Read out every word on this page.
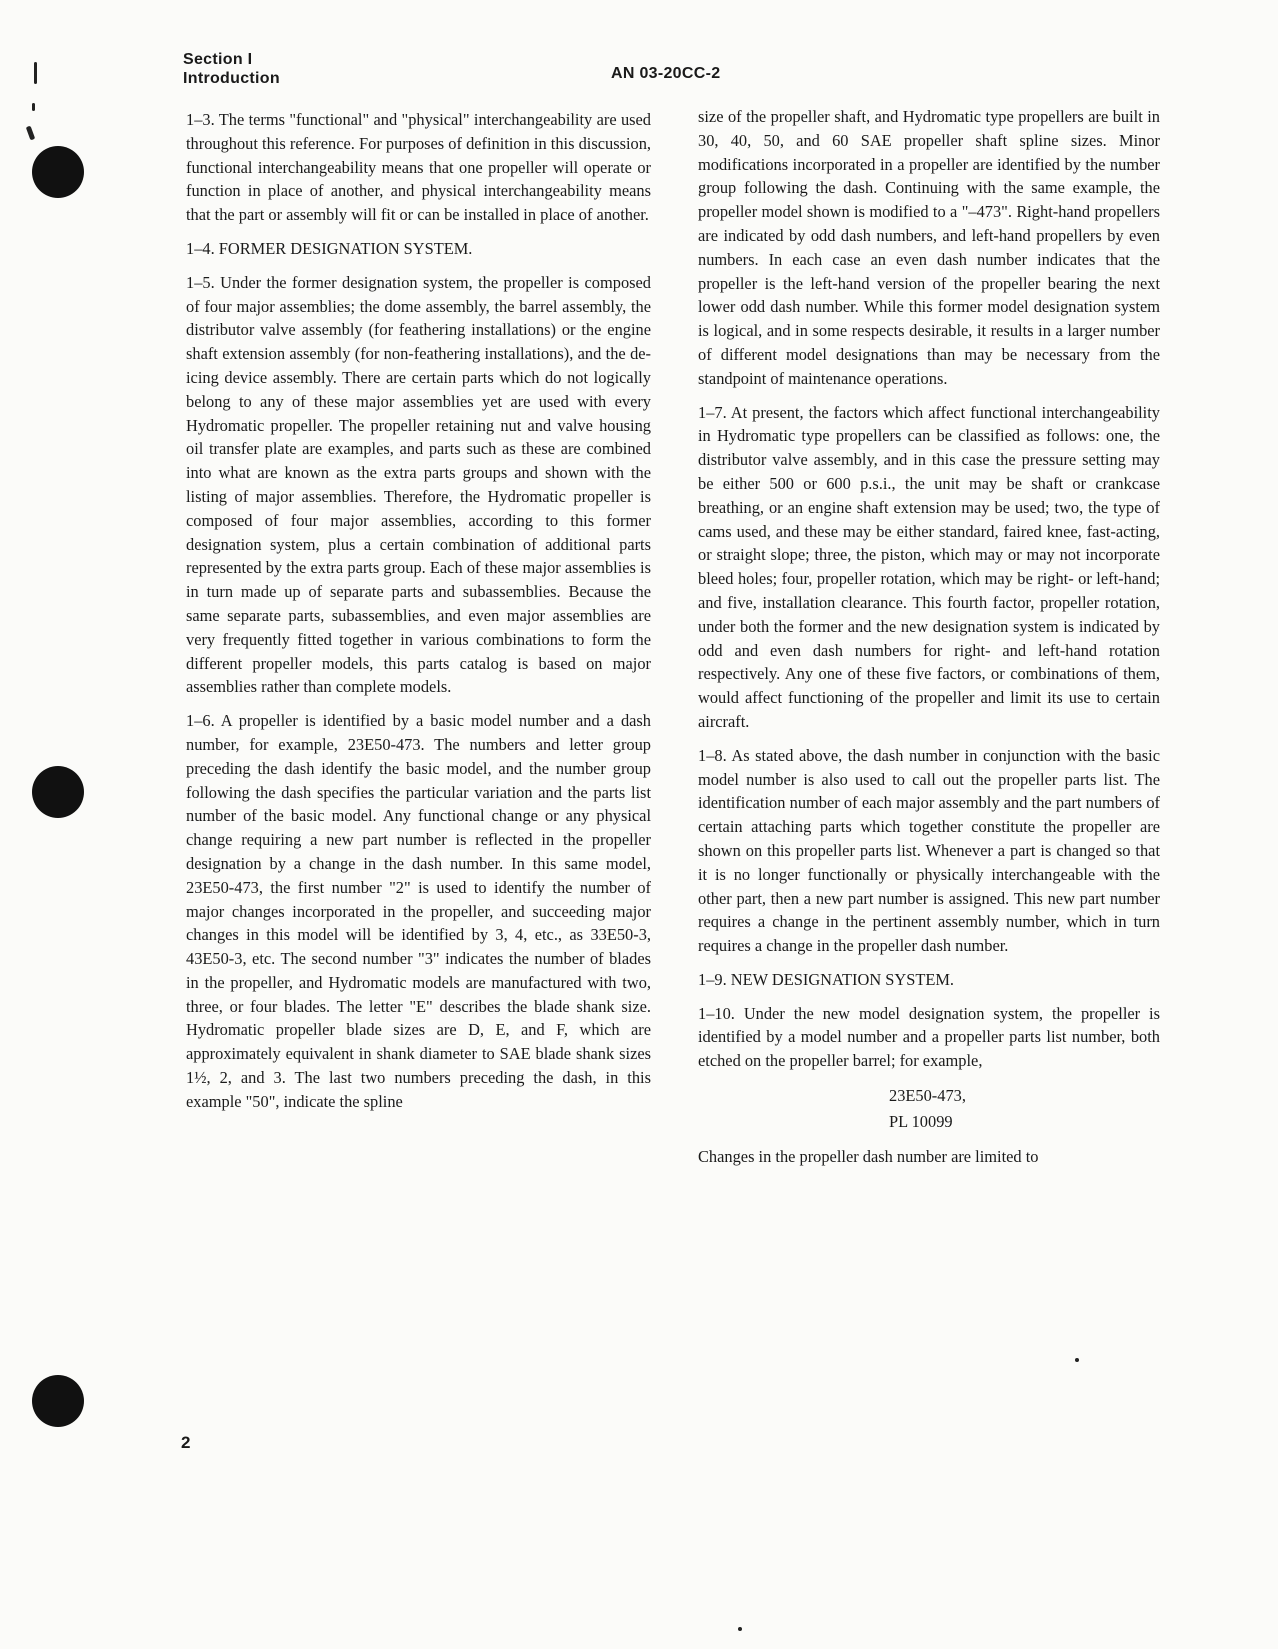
Section I
Introduction	AN 03-20CC-2

1–3. The terms "functional" and "physical" interchangeability are used throughout this reference. For purposes of definition in this discussion, functional interchangeability means that one propeller will operate or function in place of another, and physical interchangeability means that the part or assembly will fit or can be installed in place of another.

1–4. FORMER DESIGNATION SYSTEM.

1–5. Under the former designation system, the propeller is composed of four major assemblies; the dome assembly, the barrel assembly, the distributor valve assembly (for feathering installations) or the engine shaft extension assembly (for non-feathering installations), and the de-icing device assembly. There are certain parts which do not logically belong to any of these major assemblies yet are used with every Hydromatic propeller. The propeller retaining nut and valve housing oil transfer plate are examples, and parts such as these are combined into what are known as the extra parts groups and shown with the listing of major assemblies. Therefore, the Hydromatic propeller is composed of four major assemblies, according to this former designation system, plus a certain combination of additional parts represented by the extra parts group. Each of these major assemblies is in turn made up of separate parts and subassemblies. Because the same separate parts, subassemblies, and even major assemblies are very frequently fitted together in various combinations to form the different propeller models, this parts catalog is based on major assemblies rather than complete models.

1–6. A propeller is identified by a basic model number and a dash number, for example, 23E50-473. The numbers and letter group preceding the dash identify the basic model, and the number group following the dash specifies the particular variation and the parts list number of the basic model. Any functional change or any physical change requiring a new part number is reflected in the propeller designation by a change in the dash number. In this same model, 23E50-473, the first number "2" is used to identify the number of major changes incorporated in the propeller, and succeeding major changes in this model will be identified by 3, 4, etc., as 33E50-3, 43E50-3, etc. The second number "3" indicates the number of blades in the propeller, and Hydromatic models are manufactured with two, three, or four blades. The letter "E" describes the blade shank size. Hydromatic propeller blade sizes are D, E, and F, which are approximately equivalent in shank diameter to SAE blade shank sizes 1½, 2, and 3. The last two numbers preceding the dash, in this example "50", indicate the spline

size of the propeller shaft, and Hydromatic type propellers are built in 30, 40, 50, and 60 SAE propeller shaft spline sizes. Minor modifications incorporated in a propeller are identified by the number group following the dash. Continuing with the same example, the propeller model shown is modified to a "–473". Right-hand propellers are indicated by odd dash numbers, and left-hand propellers by even numbers. In each case an even dash number indicates that the propeller is the left-hand version of the propeller bearing the next lower odd dash number. While this former model designation system is logical, and in some respects desirable, it results in a larger number of different model designations than may be necessary from the standpoint of maintenance operations.

1–7. At present, the factors which affect functional interchangeability in Hydromatic type propellers can be classified as follows: one, the distributor valve assembly, and in this case the pressure setting may be either 500 or 600 p.s.i., the unit may be shaft or crankcase breathing, or an engine shaft extension may be used; two, the type of cams used, and these may be either standard, faired knee, fast-acting, or straight slope; three, the piston, which may or may not incorporate bleed holes; four, propeller rotation, which may be right- or left-hand; and five, installation clearance. This fourth factor, propeller rotation, under both the former and the new designation system is indicated by odd and even dash numbers for right- and left-hand rotation respectively. Any one of these five factors, or combinations of them, would affect functioning of the propeller and limit its use to certain aircraft.

1–8. As stated above, the dash number in conjunction with the basic model number is also used to call out the propeller parts list. The identification number of each major assembly and the part numbers of certain attaching parts which together constitute the propeller are shown on this propeller parts list. Whenever a part is changed so that it is no longer functionally or physically interchangeable with the other part, then a new part number is assigned. This new part number requires a change in the pertinent assembly number, which in turn requires a change in the propeller dash number.

1–9. NEW DESIGNATION SYSTEM.

1–10. Under the new model designation system, the propeller is identified by a model number and a propeller parts list number, both etched on the propeller barrel; for example,

23E50-473,
PL 10099

Changes in the propeller dash number are limited to

2
